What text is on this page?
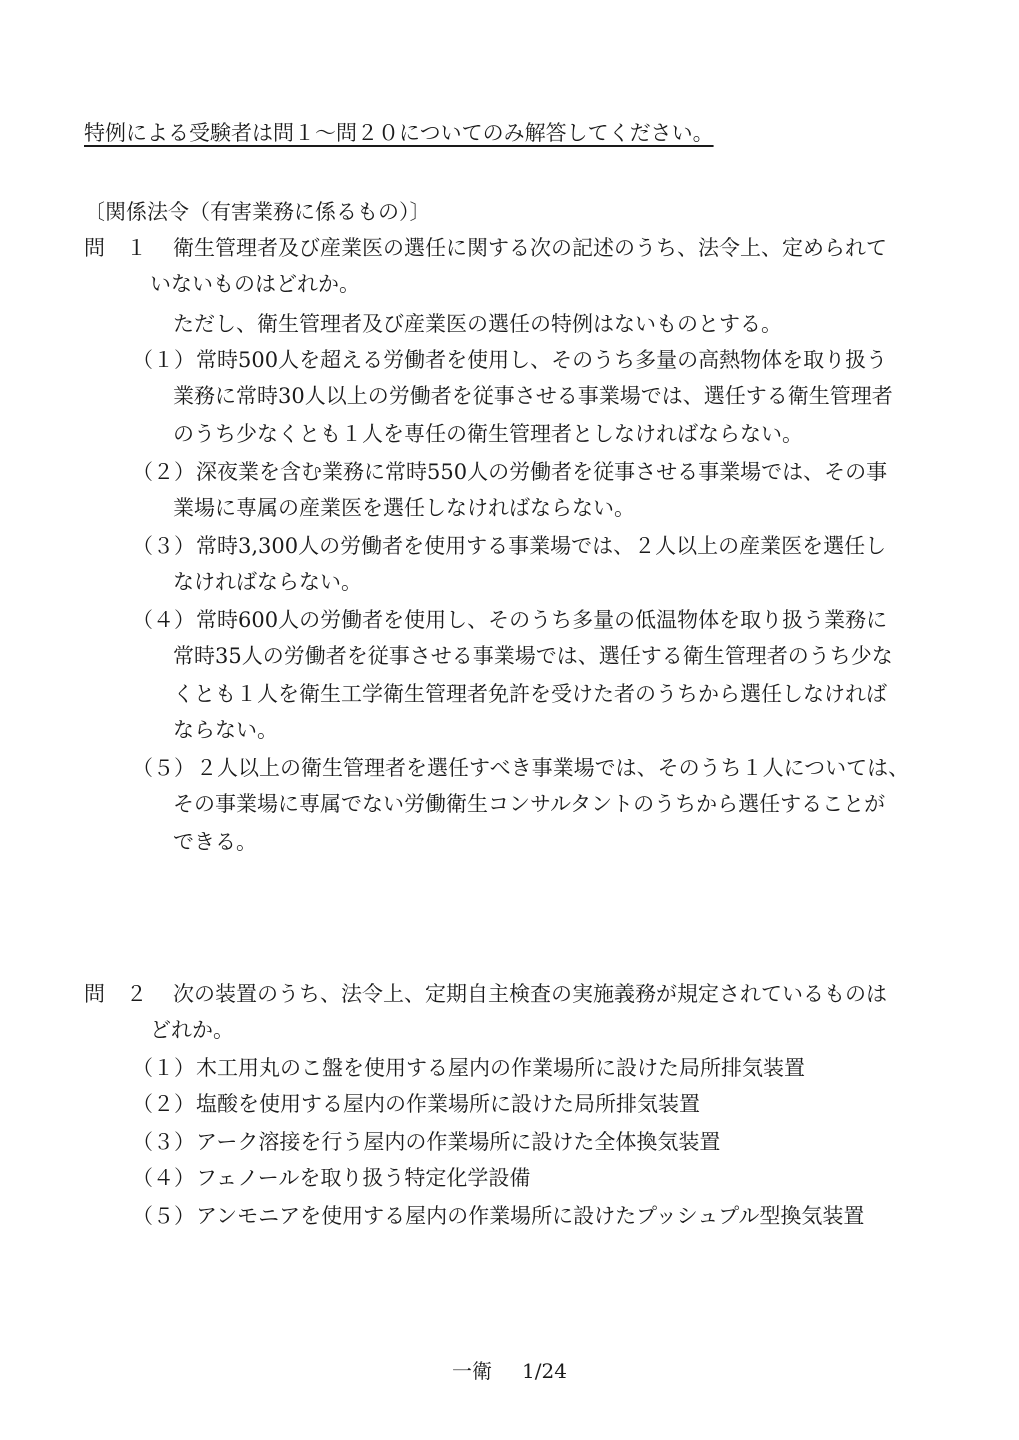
特例による受験者は問１～問２０についてのみ解答してください。
〔関係法令（有害業務に係るもの）〕
問　１ 衛生管理者及び産業医の選任に関する次の記述のうち、法令上、定められて
いないものはどれか。
ただし、衛生管理者及び産業医の選任の特例はないものとする。
（１） 常時500人を超える労働者を使用し、そのうち多量の高熱物体を取り扱う
業務に常時30人以上の労働者を従事させる事業場では、選任する衛生管理者
のうち少なくとも１人を専任の衛生管理者としなければならない。
（２） 深夜業を含む業務に常時550人の労働者を従事させる事業場では、その事
業場に専属の産業医を選任しなければならない。
（３） 常時3,300人の労働者を使用する事業場では、２人以上の産業医を選任し
なければならない。
（４） 常時600人の労働者を使用し、そのうち多量の低温物体を取り扱う業務に
常時35人の労働者を従事させる事業場では、選任する衛生管理者のうち少な
くとも１人を衛生工学衛生管理者免許を受けた者のうちから選任しなければ
ならない。
（５） ２人以上の衛生管理者を選任すべき事業場では、そのうち１人については、
その事業場に専属でない労働衛生コンサルタントのうちから選任することが
できる。
問　２ 次の装置のうち、法令上、定期自主検査の実施義務が規定されているものは
どれか。
（１） 木工用丸のこ盤を使用する屋内の作業場所に設けた局所排気装置
（２） 塩酸を使用する屋内の作業場所に設けた局所排気装置
（３） アーク溶接を行う屋内の作業場所に設けた全体換気装置
（４） フェノールを取り扱う特定化学設備
（５） アンモニアを使用する屋内の作業場所に設けたプッシュプル型換気装置
一衛 1/24
